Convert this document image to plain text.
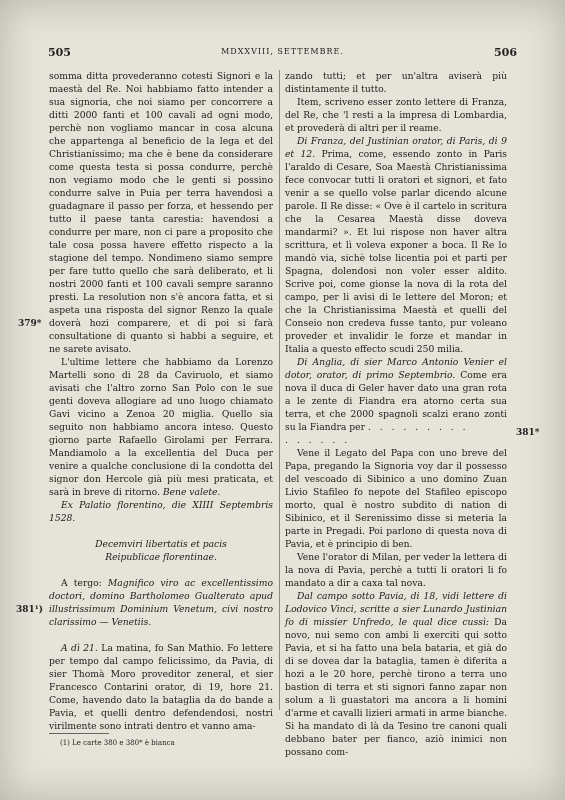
505	MDXXVIII, SETTEMBRE.	506
379*
381¹)
381*

somma ditta provederanno cotesti Signori e la maestà del Re. Noi habbiamo fatto intender a sua signoria, che noi siamo per concorrere a ditti 2000 fanti et 100 cavali ad ogni modo, perchè non vogliamo mancar in cosa alcuna che appartenga al beneficio de la lega et del Christianissimo; ma che è bene da considerare come questa testa si possa condurre, perchè non vegiamo modo che le genti si possino condurre salve in Puia per terra havendosi a guadagnare il passo per forza, et hessendo per tutto il paese tanta carestia: havendosi a condurre per mare, non ci pare a proposito che tale cosa possa havere effetto rispecto a la stagione del tempo. Nondimeno siamo sempre per fare tutto quello che sarà deliberato, et li nostri 2000 fanti et 100 cavali sempre saranno presti. La resolution non s'è ancora fatta, et si aspeta una risposta del signor Renzo la quale doverà hozi comparere, et di poi si farà consultatione di quanto si habbi a seguire, et ne sarete avisato.

L'ultime lettere che habbiamo da Lorenzo Martelli sono di 28 da Caviruolo, et siamo avisati che l'altro zorno San Polo con le sue genti doveva allogiare ad uno luogo chiamato Gavi vicino a Zenoa 20 miglia. Quello sia seguito non habbiamo ancora inteso. Questo giorno parte Rafaello Girolami per Ferrara. Mandiamolo a la excellentia del Duca per venire a qualche conclusione di la condotta del signor don Hercole già più mesi praticata, et sarà in breve di ritorno. Bene valete.

Ex Palatio florentino, die XIIII Septembris 1528.

Decemviri libertatis et pacis

Reipublicae florentinae.

A tergo: Magnifico viro ac excellentissimo doctori, domino Bartholomeo Gualterato apud illustrissimum Dominium Venetum, civi nostro clarissimo — Venetiis.

A dì 21. La matina, fo San Mathio. Fo lettere per tempo dal campo felicissimo, da Pavia, di sier Thomà Moro proveditor zeneral, et sier Francesco Contarini orator, di 19, hore 21. Come, havendo dato la bataglia da do bande a Pavia, et quelli dentro defendendosi, nostri virilmente sono intrati dentro et vanno ama-

zando tutti; et per un'altra aviserà più distintamente il tutto.

Item, scriveno esser zonto lettere di Franza, del Re, che 'l resti a la impresa di Lombardia, et provederà di altri per il reame.

Di Franza, del Justinian orator, di Paris, di 9 et 12. Prima, come, essendo zonto in Paris l'araldo di Cesare, Soa Maestà Christianissima fece convocar tutti li oratori et signori, et fato venir a se quello volse parlar dicendo alcune parole. Il Re disse: « Ove è il cartelo in scritura che la Cesarea Maestà disse doveva mandarmi? ». Et lui rispose non haver altra scrittura, et lì voleva exponer a boca. Il Re lo mandò via, sichè tolse licentia poi et parti per Spagna, dolendosi non voler esser aldito. Scrive poi, come gionse la nova di la rota del campo, per li avisi di le lettere del Moron; et che la Christianissima Maestà et quelli del Conseio non credeva fusse tanto, pur voleano proveder et invalidir le forze et mandar in Italia a questo effecto scudi 250 milia.

Di Anglia, di sier Marco Antonio Venier el dotor, orator, di primo Septembrio. Come era nova il duca di Geler haver dato una gran rota a le zente di Fiandra era atorno certa sua terra, et che 2000 spagnoli scalzi erano zonti su la Fiandra per . . . . . . . . .

. . . . . .

Vene il Legato del Papa con uno breve del Papa, pregando la Signoria voy dar il possesso del vescoado di Sibinico a uno domino Zuan Livio Stafileo fo nepote del Stafileo episcopo morto, qual è nostro subdito di nation di Sibinico, et il Serenissimo disse si meteria la parte in Pregadi. Poi parlono di questa nova di Pavia, et è principio di ben.

Vene l'orator di Milan, per veder la lettera di la nova di Pavia, perchè a tutti li oratori li fo mandato a dir a caxa tal nova.

Dal campo sotto Pavia, di 18, vidi lettere di Lodovico Vinci, scritte a sier Lunardo Justinian fo di missier Unfredo, le qual dice cussì: Da novo, nui semo con ambi li exerciti qui sotto Pavia, et si ha fatto una bela bataria, et già do di se dovea dar la bataglia, tamen è diferita a hozi a le 20 hore, perchè tirono a terra uno bastion di terra et sti signori fanno zapar non solum a li guastatori ma ancora a li homini d'arme et cavalli lizieri armati in arme bianche. Si ha mandato di là da Tesino tre canoni quali debbano bater per fianco, aziò inimici non possano com-

(1) Le carte 380 e 380* è bianca
